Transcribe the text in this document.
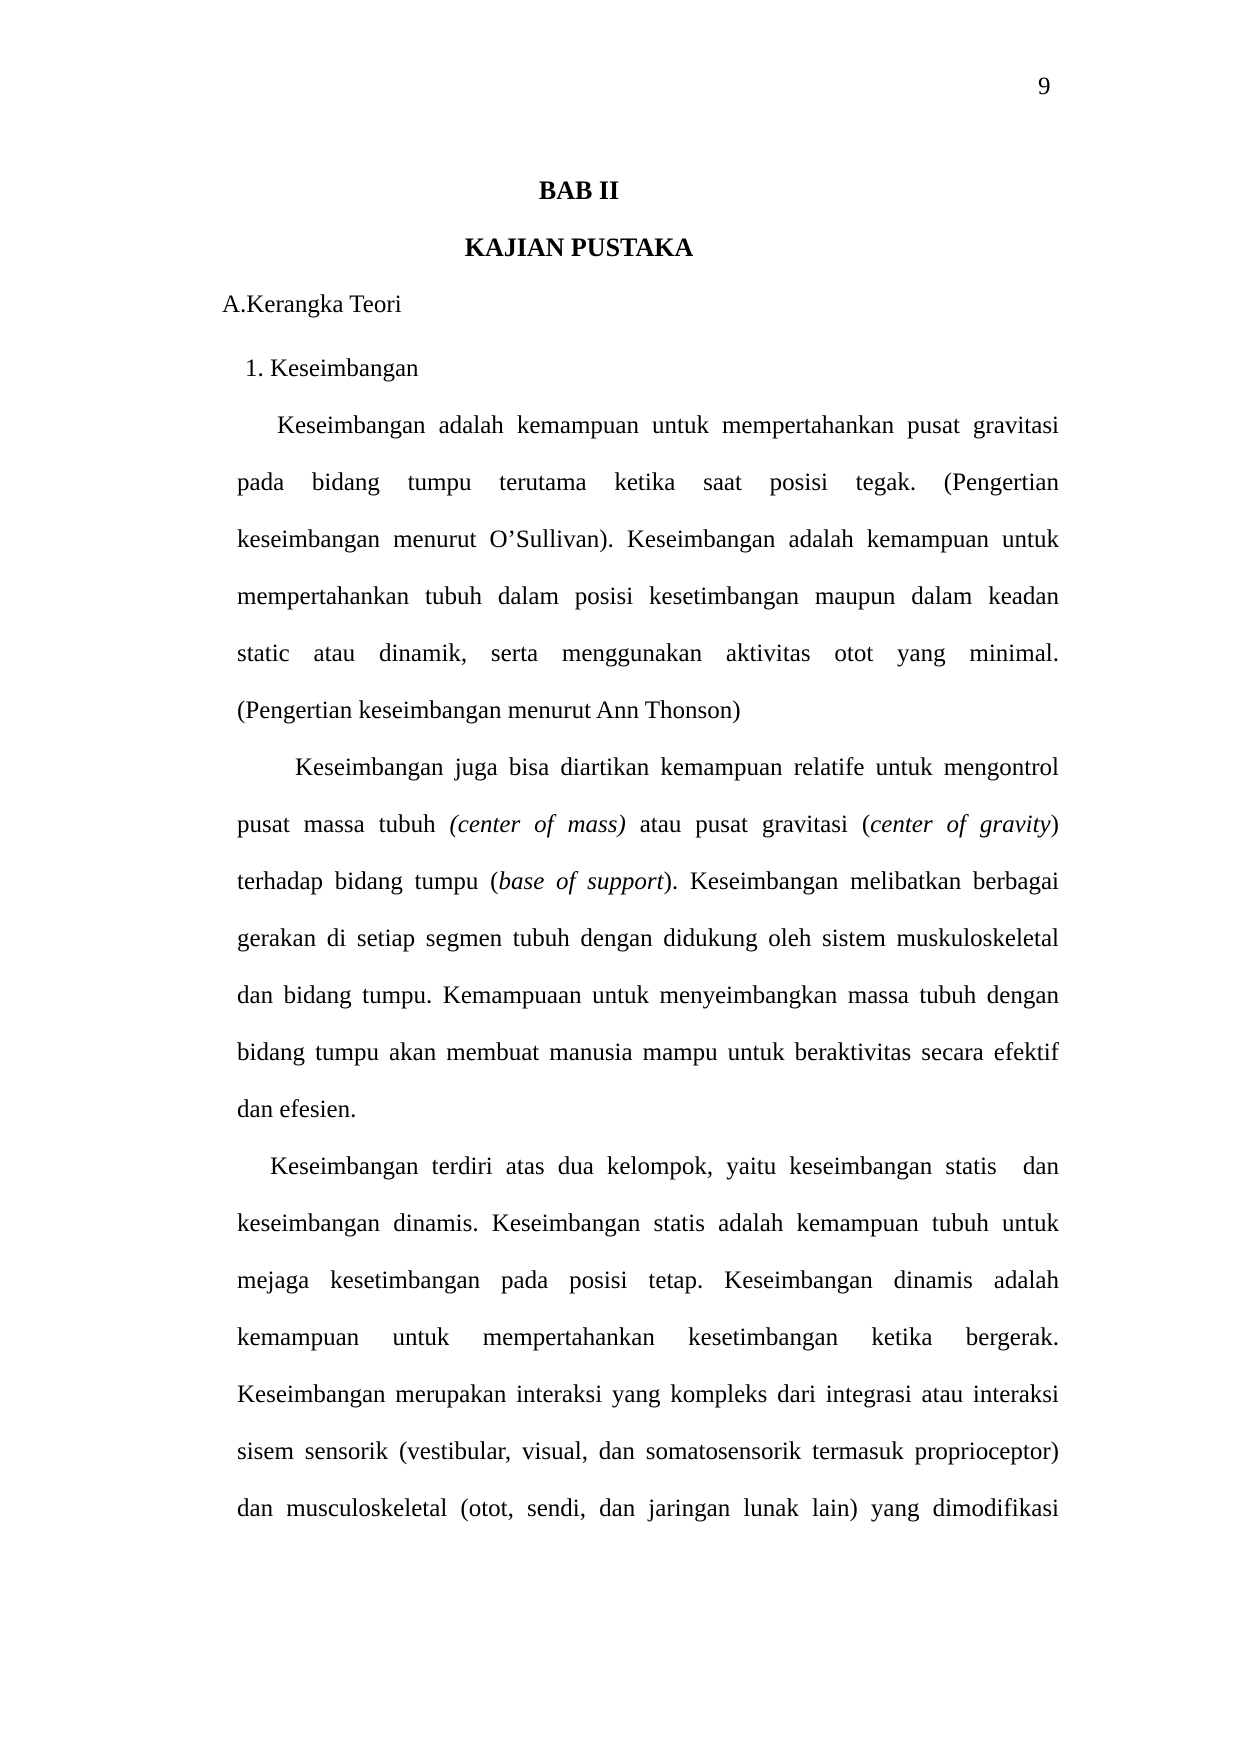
9
BAB II
KAJIAN PUSTAKA
A.Kerangka Teori
1. Keseimbangan
Keseimbangan adalah kemampuan untuk mempertahankan pusat gravitasi
pada bidang tumpu terutama ketika saat posisi tegak. (Pengertian
keseimbangan menurut O’Sullivan). Keseimbangan adalah kemampuan untuk
mempertahankan tubuh dalam posisi kesetimbangan maupun dalam keadan
static atau dinamik, serta menggunakan aktivitas otot yang minimal.
(Pengertian keseimbangan menurut Ann Thonson)
Keseimbangan juga bisa diartikan kemampuan relatife untuk mengontrol
pusat massa tubuh (center of mass) atau pusat gravitasi (center of gravity)
terhadap bidang tumpu (base of support). Keseimbangan melibatkan berbagai
gerakan di setiap segmen tubuh dengan didukung oleh sistem muskuloskeletal
dan bidang tumpu. Kemampuaan untuk menyeimbangkan massa tubuh dengan
bidang tumpu akan membuat manusia mampu untuk beraktivitas secara efektif
dan efesien.
Keseimbangan terdiri atas dua kelompok, yaitu keseimbangan statis  dan
keseimbangan dinamis. Keseimbangan statis adalah kemampuan tubuh untuk
mejaga kesetimbangan pada posisi tetap. Keseimbangan dinamis adalah
kemampuan untuk mempertahankan kesetimbangan ketika bergerak.
Keseimbangan merupakan interaksi yang kompleks dari integrasi atau interaksi
sisem sensorik (vestibular, visual, dan somatosensorik termasuk proprioceptor)
dan musculoskeletal (otot, sendi, dan jaringan lunak lain) yang dimodifikasi
